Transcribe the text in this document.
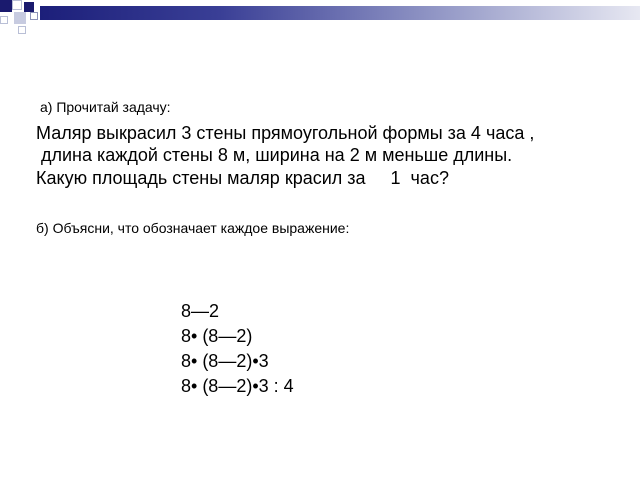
а) Прочитай задачу:
Маляр выкрасил 3 стены прямоугольной формы за 4 часа ,
длина каждой стены 8 м, ширина на 2 м меньше длины.
Какую площадь стены маляр красил за     1  час?
б) Объясни, что обозначает каждое выражение:
8—2
8• (8—2)
8• (8—2)•3
8• (8—2)•3 : 4
